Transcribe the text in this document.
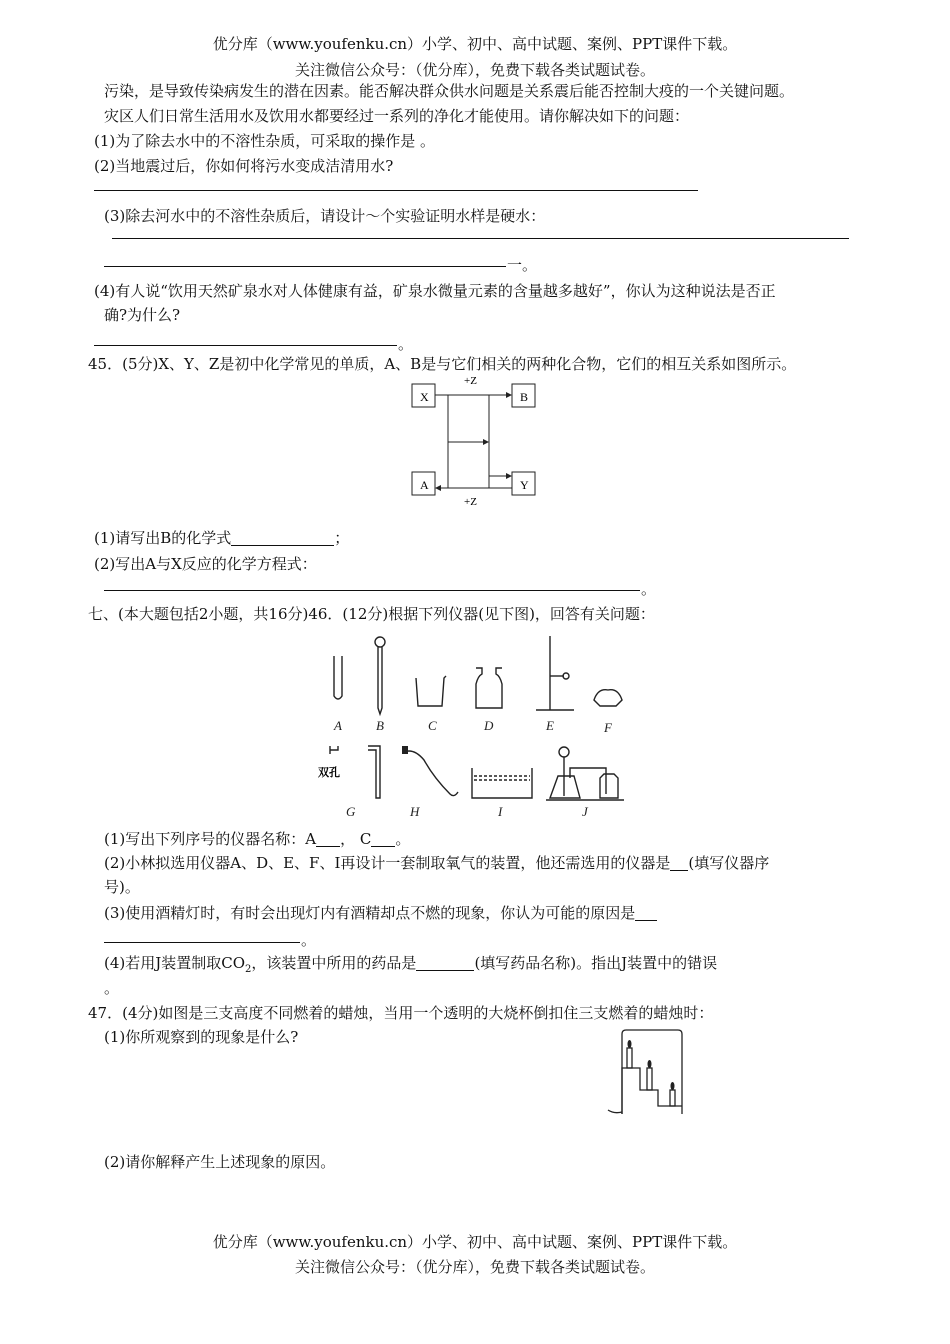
优分库（www.youfenku.cn）小学、初中、高中试题、案例、PPT课件下载。
关注微信公众号：（优分库），免费下载各类试题试卷。
污染，是导致传染病发生的潜在因素。能否解决群众供水问题是关系震后能否控制大疫的一个关键问题。
灾区人们日常生活用水及饮用水都要经过一系列的净化才能使用。请你解决如下的问题：
(1)为了除去水中的不溶性杂质，可采取的操作是 。
(2)当地震过后，你如何将污水变成洁清用水?
(3)除去河水中的不溶性杂质后，请设计～个实验证明水样是硬水：
一。
(4)有人说“饮用天然矿泉水对人体健康有益，矿泉水微量元素的含量越多越好”，你认为这种说法是否正
确?为什么?
。
45．(5分)X、Y、Z是初中化学常见的单质，A、B是与它们相关的两种化合物，它们的相互关系如图所示。
X	B
A	Y
+Z
+Z
(1)请写出B的化学式	；
(2)写出A与X反应的化学方程式：
。
七、(本大题包括2小题，共16分)46．(12分)根据下列仪器(见下图)，回答有关问题：
A	B	C	D	E	F
双孔
G	H	I	J
(1)写出下列序号的仪器名称：A ， C 。
(2)小林拟选用仪器A、D、E、F、I再设计一套制取氧气的装置，他还需选用的仪器是 (填写仪器序
号)。
(3)使用酒精灯时，有时会出现灯内有酒精却点不燃的现象，你认为可能的原因是
。
(4)若用J装置制取$CO_2$，该装置中所用的药品是	(填写药品名称)。指出J装置中的错误
。
47．(4分)如图是三支高度不同燃着的蜡烛，当用一个透明的大烧杯倒扣住三支燃着的蜡烛时：
(1)你所观察到的现象是什么?
(2)请你解释产生上述现象的原因。
优分库（www.youfenku.cn）小学、初中、高中试题、案例、PPT课件下载。
关注微信公众号：（优分库），免费下载各类试题试卷。
